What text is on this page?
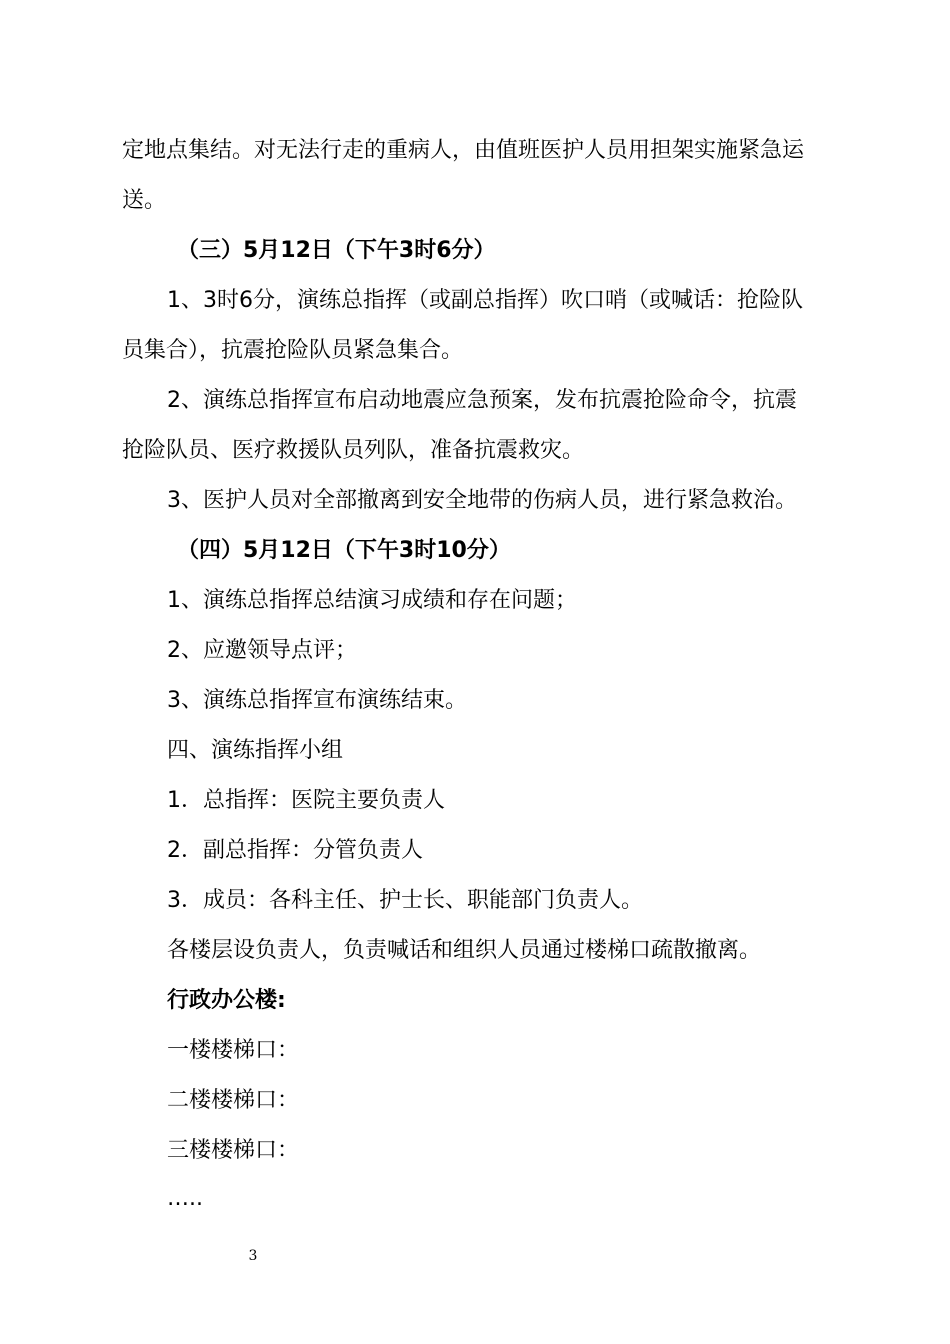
定地点集结。对无法行走的重病人，由值班医护人员用担架实施紧急运
送。
（三）5月12日（下午3时6分）
1、3时6分，演练总指挥（或副总指挥）吹口哨（或喊话：抢险队
员集合），抗震抢险队员紧急集合。
2、演练总指挥宣布启动地震应急预案，发布抗震抢险命令，抗震
抢险队员、医疗救援队员列队，准备抗震救灾。
3、医护人员对全部撤离到安全地带的伤病人员，进行紧急救治。
（四）5月12日（下午3时10分）
1、演练总指挥总结演习成绩和存在问题；
2、应邀领导点评；
3、演练总指挥宣布演练结束。
四、演练指挥小组
1．总指挥：医院主要负责人
2．副总指挥：分管负责人
3．成员：各科主任、护士长、职能部门负责人。
各楼层设负责人，负责喊话和组织人员通过楼梯口疏散撤离。
行政办公楼:
一楼楼梯口：
二楼楼梯口：
三楼楼梯口：
…..
3
